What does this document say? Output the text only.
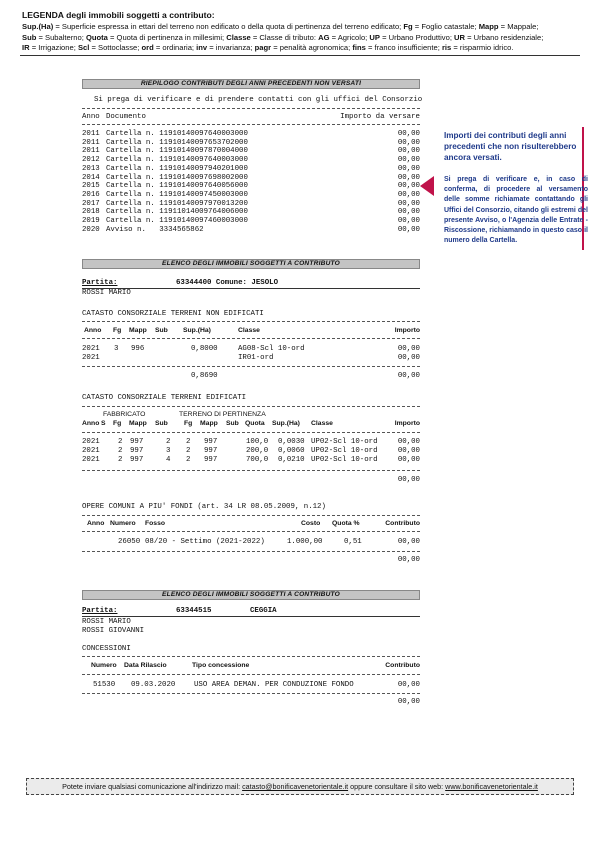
LEGENDA degli immobili soggetti a contributo:
Sup.(Ha) = Superficie espressa in ettari del terreno non edificato o della quota di pertinenza del terreno edificato; Fg = Foglio catastale; Mapp = Mappale;
Sub = Subalterno; Quota = Quota di pertinenza in millesimi; Classe = Classe di tributo: AG = Agricolo; UP = Urbano Produttivo; UR = Urbano residenziale;
IR = Irrigazione; Scl = Sottoclasse; ord = ordinaria; inv = invarianza; pagr = penalità agronomica; fins = franco insufficiente; ris = risparmio idrico.
RIEPILOGO CONTRIBUTI DEGLI ANNI PRECEDENTI NON VERSATI
Si prega di verificare e di prendere contatti con gli uffici del Consorzio
Anno Documento	Importo da versare
2011 Cartella n. 11910140097640003000	00,00
2011 Cartella n. 11910140097653702000	00,00
2011 Cartella n. 11910140097870004000	00,00
2012 Cartella n. 11910140097640003000	00,00
2013 Cartella n. 11910140097940201000	00,00
2014 Cartella n. 11910140097698002000	00,00
2015 Cartella n. 11910140097640056000	00,00
2016 Cartella n. 11910140097450003000	00,00
2017 Cartella n. 11910140097970013200	00,00
2018 Cartella n. 11911014009764006000	00,00
2019 Cartella n. 11910140097460003000	00,00
2020 Avviso n.   3334565862	00,00
Importi dei contributi degli anni precedenti che non risulterebbero ancora versati.
Si prega di verificare e, in caso di conferma, di procedere al versamento delle somme richiamate contattando gli Uffici del Consorzio, citando gli estremi del presente Avviso, o l'Agenzia delle Entrate - Riscossione, richiamando in questo caso il numero della Cartella.
ELENCO DEGLI IMMOBILI SOGGETTI A CONTRIBUTO
Partita:	63344400 Comune: JESOLO
ROSSI MARIO
CATASTO CONSORZIALE TERRENI NON EDIFICATI
Anno Fg Mapp Sub Sup.(Ha)	Classe	Importo
2021 3 996	0,8000	AG08-Scl 10-ord	00,00
2021	IR01-ord	00,00
0,8690	00,00
CATASTO CONSORZIALE TERRENI EDIFICATI
FABBRICATO	TERRENO DI PERTINENZA
Anno S Fg Mapp Sub Fg Mapp Sub Quota Sup.(Ha) Classe	Importo
2021 2 997	2 2 997	100,0 0,0030 UP02-Scl 10-ord	00,00
2021 2 997	3 2 997	200,0 0,0060 UP02-Scl 10-ord	00,00
2021 2 997	4 2 997	700,0 0,0210 UP02-Scl 10-ord	00,00
00,00
OPERE COMUNI A PIU' FONDI (art. 34 LR 08.05.2009, n.12)
Anno Numero Fosso	Costo Quota %	Contributo
26050 08/20 - Settimo (2021-2022)	1.000,00	0,51	00,00
00,00
ELENCO DEGLI IMMOBILI SOGGETTI A CONTRIBUTO
Partita:	63344515	CEGGIA
ROSSI MARIO
ROSSI GIOVANNI
CONCESSIONI
Numero Data Rilascio	Tipo concessione	Contributo
51530 09.03.2020	USO AREA DEMAN. PER CONDUZIONE FONDO	00,00
00,00
Potete inviare qualsiasi comunicazione all'indirizzo mail: catasto@bonificavenetorientale.it oppure consultare il sito web: www.bonificavenetorientale.it
